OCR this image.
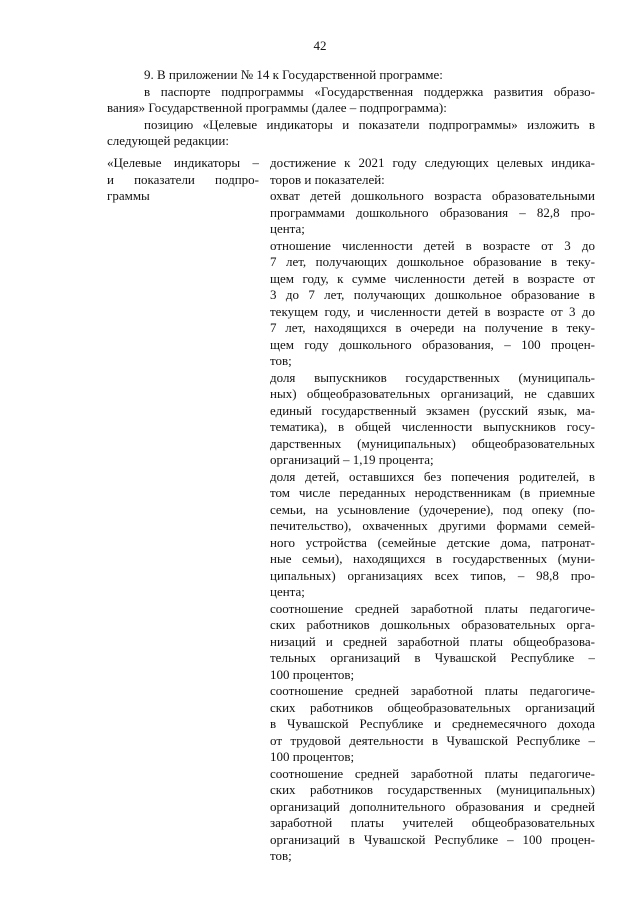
42
9. В приложении № 14 к Государственной программе:
в паспорте подпрограммы «Государственная поддержка развития образо-
вания» Государственной программы (далее – подпрограмма):
позицию «Целевые индикаторы и показатели подпрограммы» изложить в
следующей редакции:
«Целевые индикаторы –
и показатели подпро-
граммы
достижение к 2021 году следующих целевых индика-
торов и показателей:
охват детей дошкольного возраста образовательными
программами дошкольного образования – 82,8 про-
цента;
отношение численности детей в возрасте от 3 до
7 лет, получающих дошкольное образование в теку-
щем году, к сумме численности детей в возрасте от
3 до 7 лет, получающих дошкольное образование в
текущем году, и численности детей в возрасте от 3 до
7 лет, находящихся в очереди на получение в теку-
щем году дошкольного образования, – 100 процен-
тов;
доля выпускников государственных (муниципаль-
ных) общеобразовательных организаций, не сдавших
единый государственный экзамен (русский язык, ма-
тематика), в общей численности выпускников госу-
дарственных (муниципальных) общеобразовательных
организаций – 1,19 процента;
доля детей, оставшихся без попечения родителей, в
том числе переданных неродственникам (в приемные
семьи, на усыновление (удочерение), под опеку (по-
печительство), охваченных другими формами семей-
ного устройства (семейные детские дома, патронат-
ные семьи), находящихся в государственных (муни-
ципальных) организациях всех типов, – 98,8 про-
цента;
соотношение средней заработной платы педагогиче-
ских работников дошкольных образовательных орга-
низаций и средней заработной платы общеобразова-
тельных организаций в Чувашской Республике –
100 процентов;
соотношение средней заработной платы педагогиче-
ских работников общеобразовательных организаций
в Чувашской Республике и среднемесячного дохода
от трудовой деятельности в Чувашской Республике –
100 процентов;
соотношение средней заработной платы педагогиче-
ских работников государственных (муниципальных)
организаций дополнительного образования и средней
заработной платы учителей общеобразовательных
организаций в Чувашской Республике – 100 процен-
тов;
